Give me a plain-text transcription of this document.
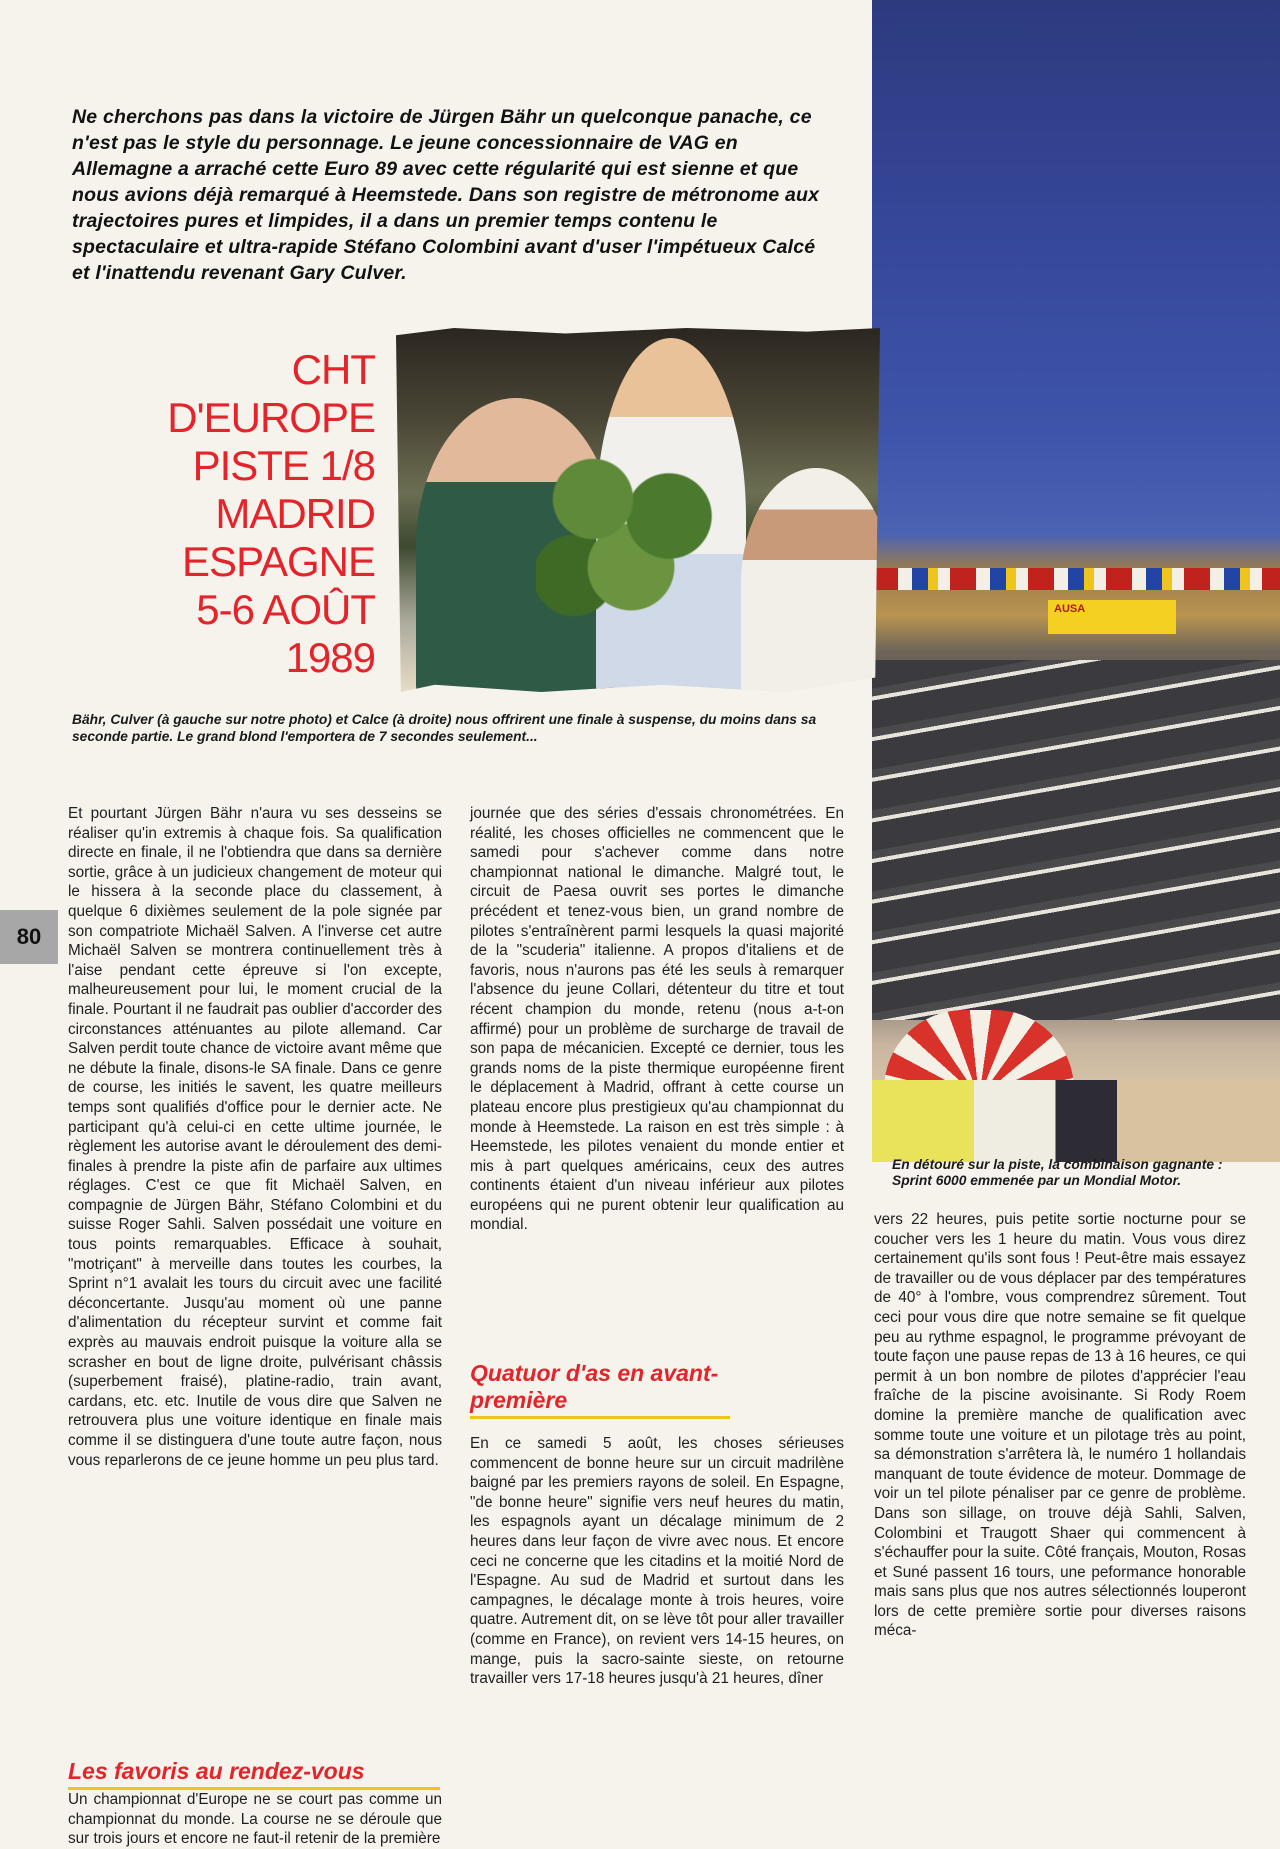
AUSA
Ne cherchons pas dans la victoire de Jürgen Bähr un quelconque panache, ce n'est pas le style du personnage. Le jeune concessionnaire de VAG en Allemagne a arraché cette Euro 89 avec cette régularité qui est sienne et que nous avions déjà remarqué à Heemstede. Dans son registre de métronome aux trajectoires pures et limpides, il a dans un premier temps contenu le spectaculaire et ultra-rapide Stéfano Colombini avant d'user l'impétueux Calcé et l'inattendu revenant Gary Culver.
CHT
D'EUROPE
PISTE 1/8
MADRID
ESPAGNE
5-6 AOÛT
1989
Bähr, Culver (à gauche sur notre photo) et Calce (à droite) nous offrirent une finale à suspense, du moins dans sa seconde partie. Le grand blond l'emportera de 7 secondes seulement...
En détouré sur la piste, la combinaison gagnante : Sprint 6000 emmenée par un Mondial Motor.
80
Et pourtant Jürgen Bähr n'aura vu ses desseins se réaliser qu'in extremis à chaque fois. Sa qualification directe en finale, il ne l'obtiendra que dans sa dernière sortie, grâce à un judicieux changement de moteur qui le hissera à la seconde place du classement, à quelque 6 dixièmes seulement de la pole signée par son compatriote Michaël Salven. A l'inverse cet autre Michaël Salven se montrera continuellement très à l'aise pendant cette épreuve si l'on excepte, malheureusement pour lui, le moment crucial de la finale. Pourtant il ne faudrait pas oublier d'accorder des circonstances atténuantes au pilote allemand. Car Salven perdit toute chance de victoire avant même que ne débute la finale, disons-le SA finale. Dans ce genre de course, les initiés le savent, les quatre meilleurs temps sont qualifiés d'office pour le dernier acte. Ne participant qu'à celui-ci en cette ultime journée, le règlement les autorise avant le déroulement des demi-finales à prendre la piste afin de parfaire aux ultimes réglages. C'est ce que fit Michaël Salven, en compagnie de Jürgen Bähr, Stéfano Colombini et du suisse Roger Sahli. Salven possédait une voiture en tous points remarquables. Efficace à souhait, "motriçant" à merveille dans toutes les courbes, la Sprint n°1 avalait les tours du circuit avec une facilité déconcertante. Jusqu'au moment où une panne d'alimentation du récepteur survint et comme fait exprès au mauvais endroit puisque la voiture alla se scrasher en bout de ligne droite, pulvérisant châssis (superbement fraisé), platine-radio, train avant, cardans, etc. etc. Inutile de vous dire que Salven ne retrouvera plus une voiture identique en finale mais comme il se distinguera d'une toute autre façon, nous vous reparlerons de ce jeune homme un peu plus tard.
Les favoris au rendez-vous
Un championnat d'Europe ne se court pas comme un championnat du monde. La course ne se déroule que sur trois jours et encore ne faut-il retenir de la première
journée que des séries d'essais chronométrées. En réalité, les choses officielles ne commencent que le samedi pour s'achever comme dans notre championnat national le dimanche. Malgré tout, le circuit de Paesa ouvrit ses portes le dimanche précédent et tenez-vous bien, un grand nombre de pilotes s'entraînèrent parmi lesquels la quasi majorité de la "scuderia" italienne. A propos d'italiens et de favoris, nous n'aurons pas été les seuls à remarquer l'absence du jeune Collari, détenteur du titre et tout récent champion du monde, retenu (nous a-t-on affirmé) pour un problème de surcharge de travail de son papa de mécanicien. Excepté ce dernier, tous les grands noms de la piste thermique européenne firent le déplacement à Madrid, offrant à cette course un plateau encore plus prestigieux qu'au championnat du monde à Heemstede. La raison en est très simple : à Heemstede, les pilotes venaient du monde entier et mis à part quelques américains, ceux des autres continents étaient d'un niveau inférieur aux pilotes européens qui ne purent obtenir leur qualification au mondial.
Quatuor d'as en avant-première
En ce samedi 5 août, les choses sérieuses commencent de bonne heure sur un circuit madrilène baigné par les premiers rayons de soleil. En Espagne, "de bonne heure" signifie vers neuf heures du matin, les espagnols ayant un décalage minimum de 2 heures dans leur façon de vivre avec nous. Et encore ceci ne concerne que les citadins et la moitié Nord de l'Espagne. Au sud de Madrid et surtout dans les campagnes, le décalage monte à trois heures, voire quatre. Autrement dit, on se lève tôt pour aller travailler (comme en France), on revient vers 14-15 heures, on mange, puis la sacro-sainte sieste, on retourne travailler vers 17-18 heures jusqu'à 21 heures, dîner
vers 22 heures, puis petite sortie nocturne pour se coucher vers les 1 heure du matin. Vous vous direz certainement qu'ils sont fous ! Peut-être mais essayez de travailler ou de vous déplacer par des températures de 40° à l'ombre, vous comprendrez sûrement. Tout ceci pour vous dire que notre semaine se fit quelque peu au rythme espagnol, le programme prévoyant de toute façon une pause repas de 13 à 16 heures, ce qui permit à un bon nombre de pilotes d'apprécier l'eau fraîche de la piscine avoisinante. Si Rody Roem domine la première manche de qualification avec somme toute une voiture et un pilotage très au point, sa démonstration s'arrêtera là, le numéro 1 hollandais manquant de toute évidence de moteur. Dommage de voir un tel pilote pénaliser par ce genre de problème. Dans son sillage, on trouve déjà Sahli, Salven, Colombini et Traugott Shaer qui commencent à s'échauffer pour la suite. Côté français, Mouton, Rosas et Suné passent 16 tours, une peformance honorable mais sans plus que nos autres sélectionnés louperont lors de cette première sortie pour diverses raisons méca-
